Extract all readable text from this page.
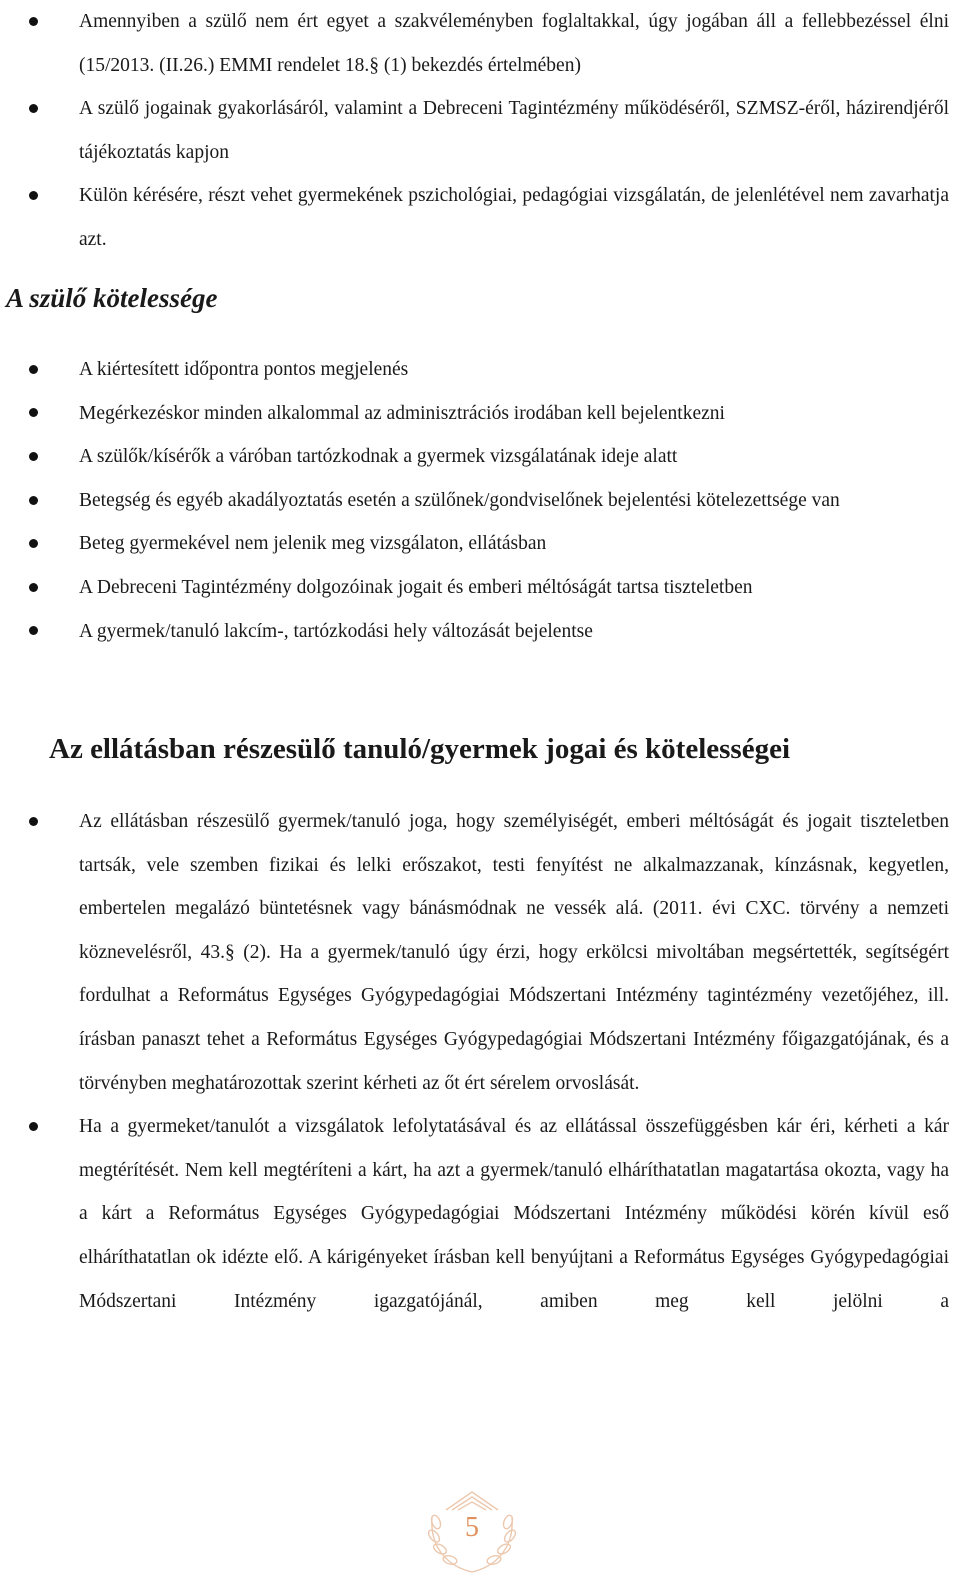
Amennyiben a szülő nem ért egyet a szakvéleményben foglaltakkal, úgy jogában áll a fellebbezéssel élni (15/2013. (II.26.) EMMI rendelet 18.§ (1) bekezdés értelmében)
A szülő jogainak gyakorlásáról, valamint a Debreceni Tagintézmény működéséről, SZMSZ-éről, házirendjéről tájékoztatás kapjon
Külön kérésére, részt vehet gyermekének pszichológiai, pedagógiai vizsgálatán, de jelenlétével nem zavarhatja azt.
A szülő kötelessége
A kiértesített időpontra pontos megjelenés
Megérkezéskor minden alkalommal az adminisztrációs irodában kell bejelentkezni
A szülők/kísérők a váróban tartózkodnak a gyermek vizsgálatának ideje alatt
Betegség és egyéb akadályoztatás esetén a szülőnek/gondviselőnek bejelentési kötelezettsége van
Beteg gyermekével nem jelenik meg vizsgálaton, ellátásban
A Debreceni Tagintézmény dolgozóinak jogait és emberi méltóságát tartsa tiszteletben
A gyermek/tanuló lakcím-, tartózkodási hely változását bejelentse
Az ellátásban részesülő tanuló/gyermek jogai és kötelességei
Az ellátásban részesülő gyermek/tanuló joga, hogy személyiségét, emberi méltóságát és jogait tiszteletben tartsák, vele szemben fizikai és lelki erőszakot, testi fenyítést ne alkalmazzanak, kínzásnak, kegyetlen, embertelen megalázó büntetésnek vagy bánásmódnak ne vessék alá. (2011. évi CXC. törvény a nemzeti köznevelésről, 43.§ (2). Ha a gyermek/tanuló úgy érzi, hogy erkölcsi mivoltában megsértették, segítségért fordulhat a Református Egységes Gyógypedagógiai Módszertani Intézmény tagintézmény vezetőjéhez, ill. írásban panaszt tehet a Református Egységes Gyógypedagógiai Módszertani Intézmény főigazgatójának, és a törvényben meghatározottak szerint kérheti az őt ért sérelem orvoslását.
Ha a gyermeket/tanulót a vizsgálatok lefolytatásával és az ellátással összefüggésben kár éri, kérheti a kár megtérítését. Nem kell megtéríteni a kárt, ha azt a gyermek/tanuló elháríthatatlan magatartása okozta, vagy ha a kárt a Református Egységes Gyógypedagógiai Módszertani Intézmény működési körén kívül eső elháríthatatlan ok idézte elő. A kárigényeket írásban kell benyújtani a Református Egységes Gyógypedagógiai Módszertani Intézmény igazgatójánál, amiben meg kell jelölni a
5
